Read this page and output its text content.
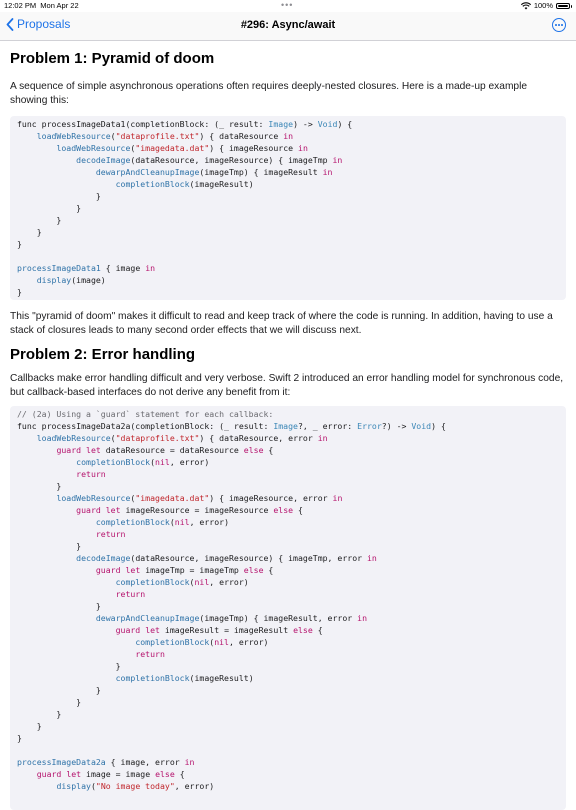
12:02 PM Mon Apr 22	•••	100%
Proposals	#296: Async/await
Problem 1: Pyramid of doom

A sequence of simple asynchronous operations often requires deeply-nested closures. Here is a made-up example showing this:

func processImageData1(completionBlock: (_ result: Image) -> Void) {
loadWebResource("dataprofile.txt") { dataResource in
loadWebResource("imagedata.dat") { imageResource in
decodeImage(dataResource, imageResource) { imageTmp in
dewarpAndCleanupImage(imageTmp) { imageResult in
completionBlock(imageResult)
}
}
}
}
}
processImageData1 { image in
display(image)
}

This "pyramid of doom" makes it difficult to read and keep track of where the code is running. In addition, having to use a stack of closures leads to many second order effects that we will discuss next.

Problem 2: Error handling

Callbacks make error handling difficult and very verbose. Swift 2 introduced an error handling model for synchronous code, but callback-based interfaces do not derive any benefit from it:

// (2a) Using a `guard` statement for each callback:
func processImageData2a(completionBlock: (_ result: Image?, _ error: Error?) -> Void) {
loadWebResource("dataprofile.txt") { dataResource, error in
guard let dataResource = dataResource else {
completionBlock(nil, error)
return
}
loadWebResource("imagedata.dat") { imageResource, error in
guard let imageResource = imageResource else {
completionBlock(nil, error)
return
}
decodeImage(dataResource, imageResource) { imageTmp, error in
guard let imageTmp = imageTmp else {
completionBlock(nil, error)
return
}
dewarpAndCleanupImage(imageTmp) { imageResult, error in
guard let imageResult = imageResult else {
completionBlock(nil, error)
return
}
completionBlock(imageResult)
}
}
}
}
}
processImageData2a { image, error in
guard let image = image else {
display("No image today", error)
